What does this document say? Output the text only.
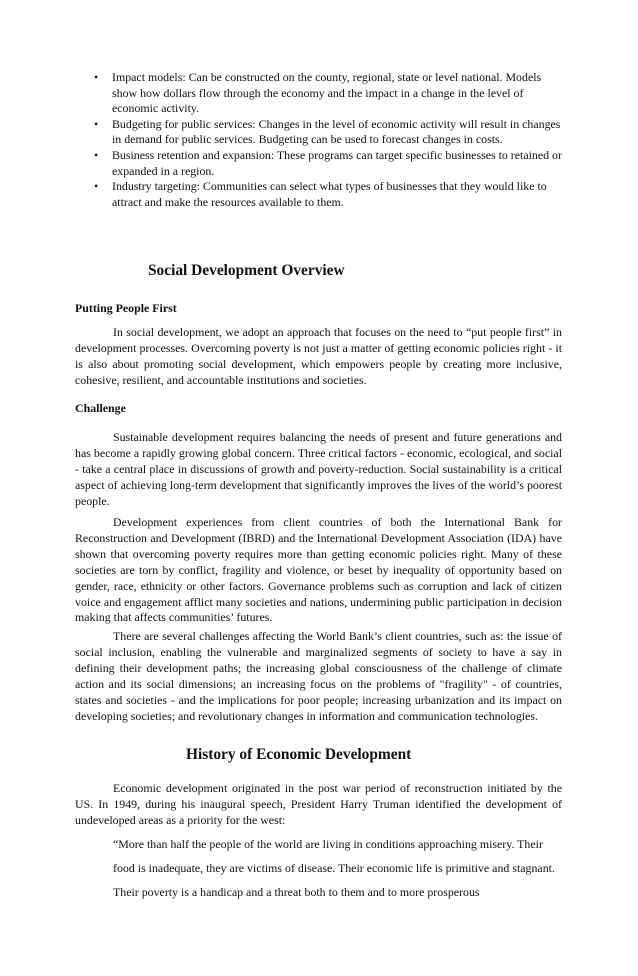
• Impact models: Can be constructed on the county, regional, state or level national. Models show how dollars flow through the economy and the impact in a change in the level of economic activity.
• Budgeting for public services: Changes in the level of economic activity will result in changes in demand for public services. Budgeting can be used to forecast changes in costs.
• Business retention and expansion: These programs can target specific businesses to retained or expanded in a region.
• Industry targeting: Communities can select what types of businesses that they would like to attract and make the resources available to them.
Social Development Overview
Putting People First

In social development, we adopt an approach that focuses on the need to “put people first” in development processes. Overcoming poverty is not just a matter of getting economic policies right - it is also about promoting social development, which empowers people by creating more inclusive, cohesive, resilient, and accountable institutions and societies.

Challenge

Sustainable development requires balancing the needs of present and future generations and has become a rapidly growing global concern. Three critical factors - economic, ecological, and social - take a central place in discussions of growth and poverty-reduction. Social sustainability is a critical aspect of achieving long-term development that significantly improves the lives of the world’s poorest people.

Development experiences from client countries of both the International Bank for Reconstruction and Development (IBRD) and the International Development Association (IDA) have shown that overcoming poverty requires more than getting economic policies right. Many of these societies are torn by conflict, fragility and violence, or beset by inequality of opportunity based on gender, race, ethnicity or other factors. Governance problems such as corruption and lack of citizen voice and engagement afflict many societies and nations, undermining public participation in decision making that affects communities’ futures.

There are several challenges affecting the World Bank’s client countries, such as: the issue of social inclusion, enabling the vulnerable and marginalized segments of society to have a say in defining their development paths; the increasing global consciousness of the challenge of climate action and its social dimensions; an increasing focus on the problems of "fragility" - of countries, states and societies - and the implications for poor people; increasing urbanization and its impact on developing societies; and revolutionary changes in information and communication technologies.

History of Economic Development

Economic development originated in the post war period of reconstruction initiated by the US. In 1949, during his inaugural speech, President Harry Truman identified the development of undeveloped areas as a priority for the west:

“More than half the people of the world are living in conditions approaching misery. Their food is inadequate, they are victims of disease. Their economic life is primitive and stagnant. Their poverty is a handicap and a threat both to them and to more prosperous
